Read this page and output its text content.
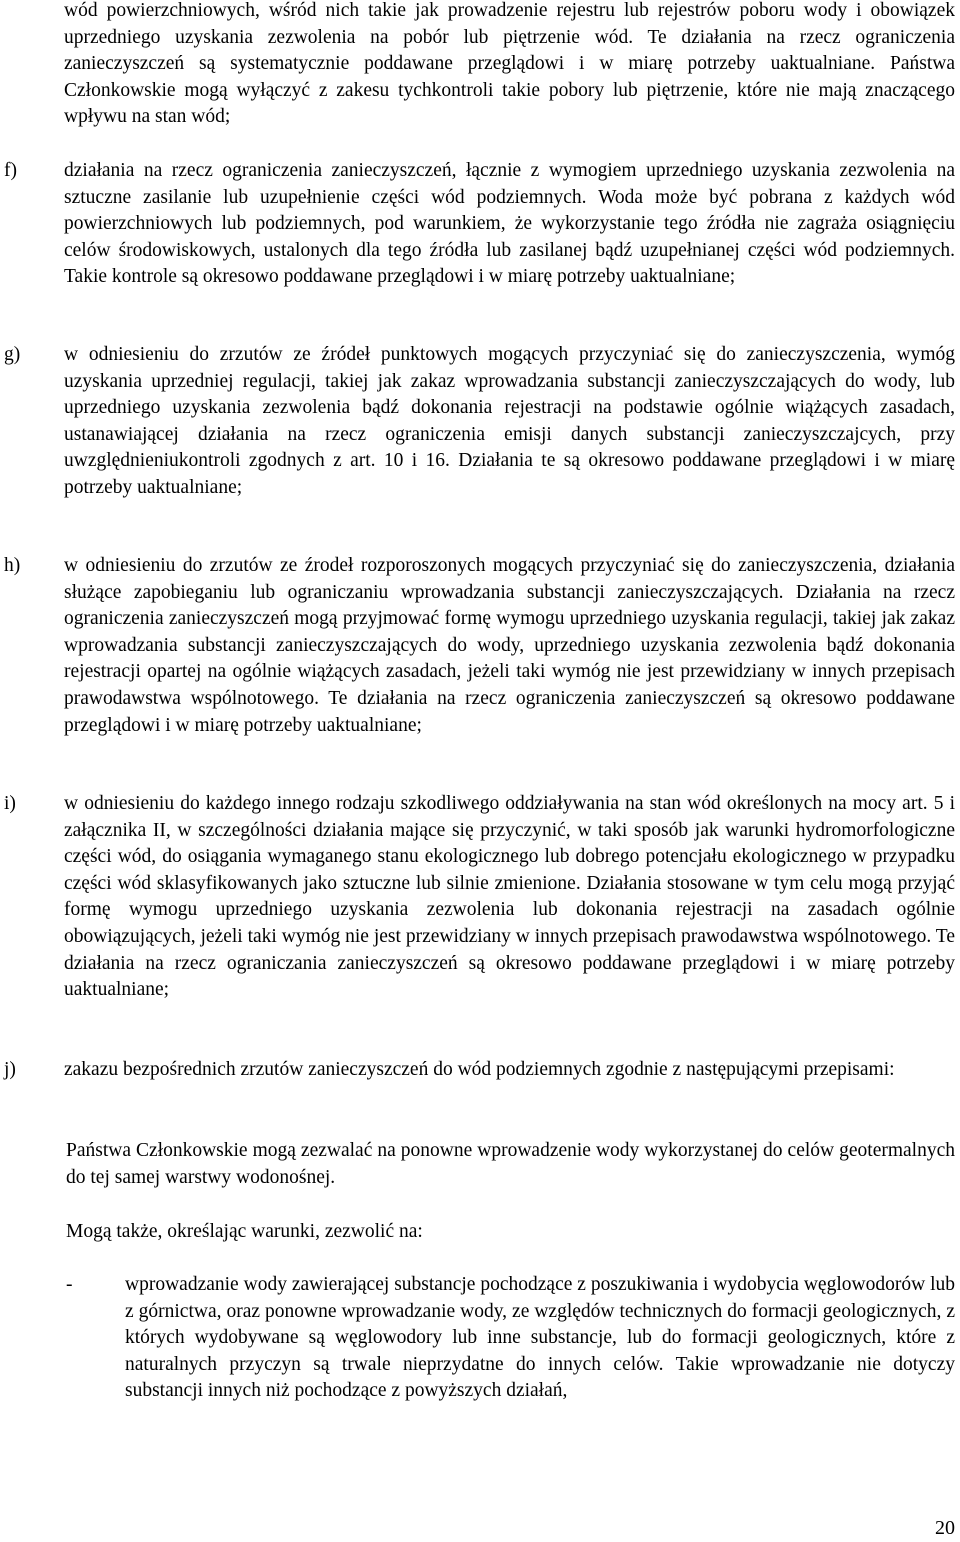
wód powierzchniowych, wśród nich takie jak prowadzenie rejestru lub rejestrów poboru wody i obowiązek uprzedniego uzyskania zezwolenia na pobór lub piętrzenie wód. Te działania na rzecz ograniczenia zanieczyszczeń są systematycznie poddawane przeglądowi i w miarę potrzeby uaktualniane. Państwa Członkowskie mogą wyłączyć z zakesu tychkontroli takie pobory lub piętrzenie, które nie mają znaczącego wpływu na stan wód;

f)	działania na rzecz ograniczenia zanieczyszczeń, łącznie z wymogiem uprzedniego uzyskania zezwolenia na sztuczne zasilanie lub uzupełnienie części wód podziemnych. Woda może być pobrana z każdych wód powierzchniowych lub podziemnych, pod warunkiem, że wykorzystanie tego źródła nie zagraża osiągnięciu celów środowiskowych, ustalonych dla tego źródła lub zasilanej bądź uzupełnianej części wód podziemnych. Takie kontrole są okresowo poddawane przeglądowi i w miarę potrzeby uaktualniane;
g)	w odniesieniu do zrzutów ze źródeł punktowych mogących przyczyniać się do zanieczyszczenia, wymóg uzyskania uprzedniej regulacji, takiej jak zakaz wprowadzania substancji zanieczyszczających do wody, lub uprzedniego uzyskania zezwolenia bądź dokonania rejestracji na podstawie ogólnie wiążących zasadach, ustanawiającej działania na rzecz ograniczenia emisji danych substancji zanieczyszczajcych, przy uwzględnieniukontroli zgodnych z art. 10 i 16. Działania te są okresowo poddawane przeglądowi i w miarę potrzeby uaktualniane;
h)	w odniesieniu do zrzutów ze źrodeł rozporoszonych mogących przyczyniać się do zanieczyszczenia, działania służące zapobieganiu lub ograniczaniu wprowadzania substancji zanieczyszczających. Działania na rzecz ograniczenia zanieczyszczeń mogą przyjmować formę wymogu uprzedniego uzyskania regulacji, takiej jak zakaz wprowadzania substancji zanieczyszczających do wody, uprzedniego uzyskania zezwolenia bądź dokonania rejestracji opartej na ogólnie wiążących zasadach, jeżeli taki wymóg nie jest przewidziany w innych przepisach prawodawstwa wspólnotowego. Te działania na rzecz ograniczenia zanieczyszczeń są okresowo poddawane przeglądowi i w miarę potrzeby uaktualniane;
i)	w odniesieniu do każdego innego rodzaju szkodliwego oddziaływania na stan wód określonych na mocy art. 5 i załącznika II, w szczególności działania mające się przyczynić, w taki sposób jak warunki hydromorfologiczne części wód, do osiągania wymaganego stanu ekologicznego lub dobrego potencjału ekologicznego w przypadku części wód sklasyfikowanych jako sztuczne lub silnie zmienione. Działania stosowane w tym celu mogą przyjąć formę wymogu uprzedniego uzyskania zezwolenia lub dokonania rejestracji na zasadach ogólnie obowiązujących, jeżeli taki wymóg nie jest przewidziany w innych przepisach prawodawstwa wspólnotowego. Te działania na rzecz ograniczania zanieczyszczeń są okresowo poddawane przeglądowi i w miarę potrzeby uaktualniane;
j)	zakazu bezpośrednich zrzutów zanieczyszczeń do wód podziemnych zgodnie z następującymi przepisami:

Państwa Członkowskie mogą zezwalać na ponowne wprowadzenie wody wykorzystanej do celów geotermalnych do tej samej warstwy wodonośnej.

Mogą także, określając warunki, zezwolić na:

-	wprowadzanie wody zawierającej substancje pochodzące z poszukiwania i wydobycia węglowodorów lub z górnictwa, oraz ponowne wprowadzanie wody, ze względów technicznych do formacji geologicznych, z których wydobywane są węglowodory lub inne substancje, lub do formacji geologicznych, które z naturalnych przyczyn są trwale nieprzydatne do innych celów. Takie wprowadzanie nie dotyczy substancji innych niż pochodzące z powyższych działań,
20
